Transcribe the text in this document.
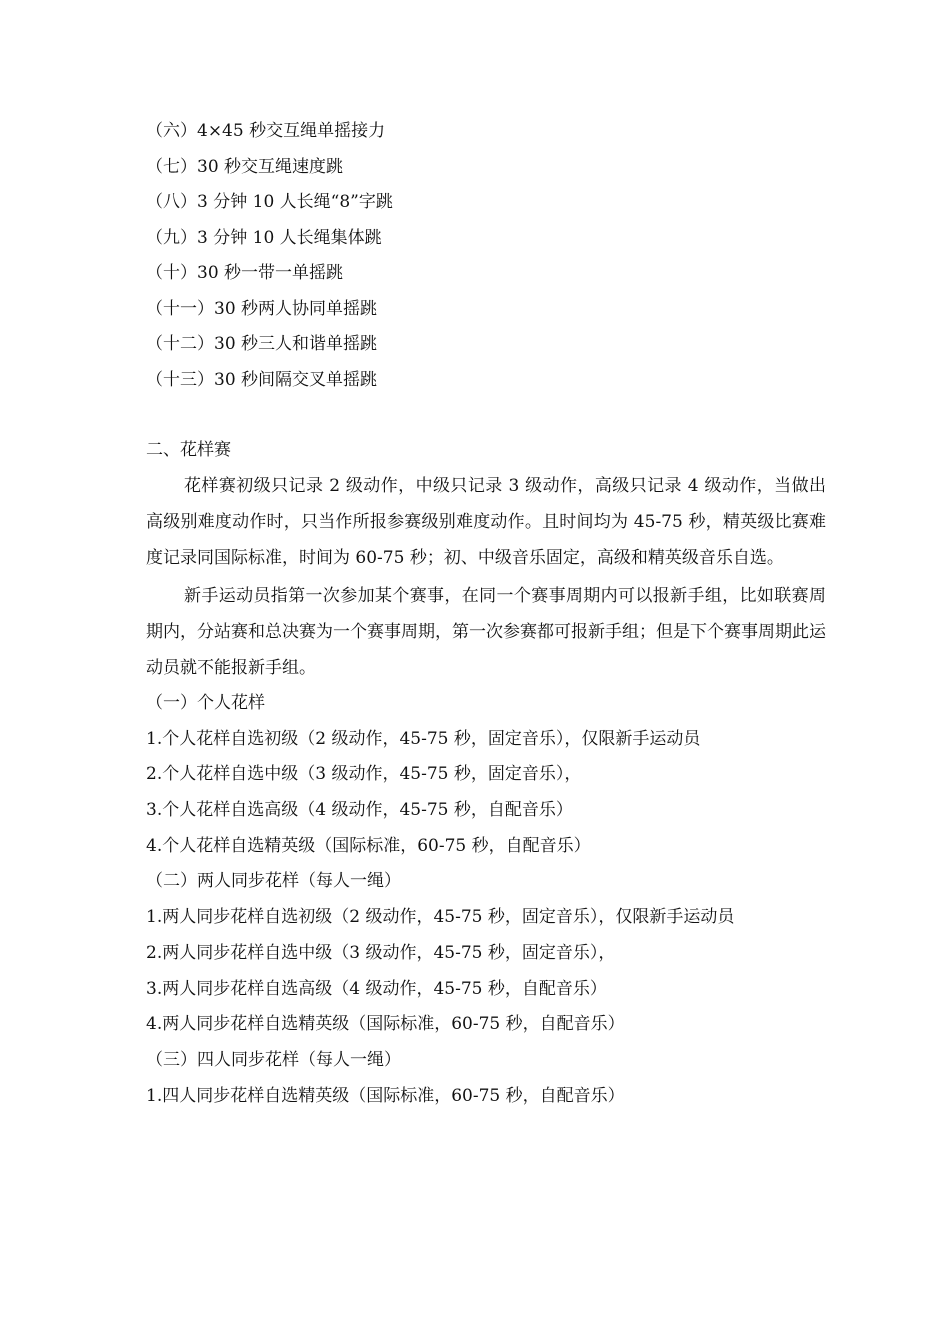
（六）4×45 秒交互绳单摇接力
（七）30 秒交互绳速度跳
（八）3 分钟 10 人长绳“8”字跳
（九）3 分钟 10 人长绳集体跳
（十）30 秒一带一单摇跳
（十一）30 秒两人协同单摇跳
（十二）30 秒三人和谐单摇跳
（十三）30 秒间隔交叉单摇跳
二、花样赛

花样赛初级只记录 2 级动作，中级只记录 3 级动作，高级只记录 4 级动作，当做出高级别难度动作时，只当作所报参赛级别难度动作。且时间均为 45-75 秒，精英级比赛难度记录同国际标准，时间为 60-75 秒；初、中级音乐固定，高级和精英级音乐自选。

新手运动员指第一次参加某个赛事，在同一个赛事周期内可以报新手组，比如联赛周期内，分站赛和总决赛为一个赛事周期，第一次参赛都可报新手组；但是下个赛事周期此运动员就不能报新手组。

（一）个人花样
1.个人花样自选初级（2 级动作，45-75 秒，固定音乐），仅限新手运动员
2.个人花样自选中级（3 级动作，45-75 秒，固定音乐），
3.个人花样自选高级（4 级动作，45-75 秒，自配音乐）
4.个人花样自选精英级（国际标准，60-75 秒，自配音乐）
（二）两人同步花样（每人一绳）
1.两人同步花样自选初级（2 级动作，45-75 秒，固定音乐），仅限新手运动员
2.两人同步花样自选中级（3 级动作，45-75 秒，固定音乐），
3.两人同步花样自选高级（4 级动作，45-75 秒，自配音乐）
4.两人同步花样自选精英级（国际标准，60-75 秒，自配音乐）
（三）四人同步花样（每人一绳）
1.四人同步花样自选精英级（国际标准，60-75 秒，自配音乐）
